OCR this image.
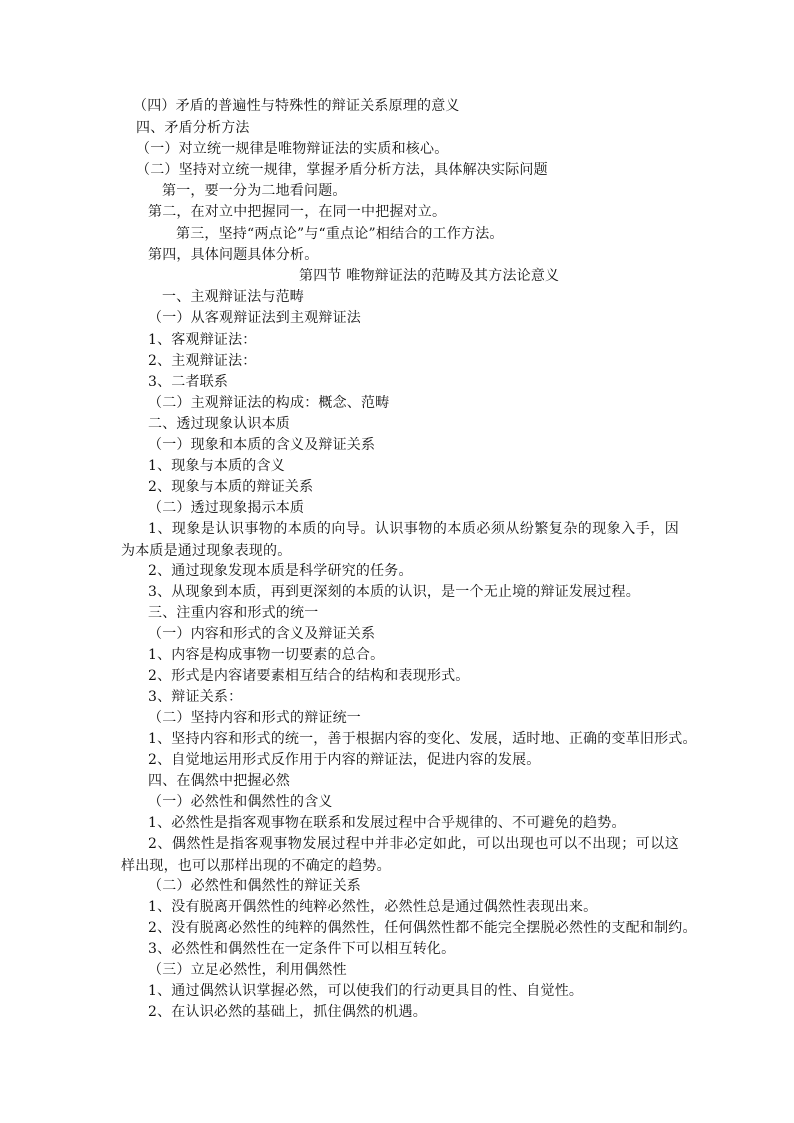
（四）矛盾的普遍性与特殊性的辩证关系原理的意义
四、矛盾分析方法
（一）对立统一规律是唯物辩证法的实质和核心。
（二）坚持对立统一规律，掌握矛盾分析方法，具体解决实际问题
第一，要一分为二地看问题。
第二，在对立中把握同一，在同一中把握对立。
第三，坚持“两点论”与“重点论”相结合的工作方法。
第四，具体问题具体分析。
第四节 唯物辩证法的范畴及其方法论意义
一、主观辩证法与范畴
（一）从客观辩证法到主观辩证法
1、客观辩证法：
2、主观辩证法：
3、二者联系
（二）主观辩证法的构成：概念、范畴
二、透过现象认识本质
（一）现象和本质的含义及辩证关系
1、现象与本质的含义
2、现象与本质的辩证关系
（二）透过现象揭示本质
1、现象是认识事物的本质的向导。认识事物的本质必须从纷繁复杂的现象入手，因为本质是通过现象表现的。
2、通过现象发现本质是科学研究的任务。
3、从现象到本质，再到更深刻的本质的认识，是一个无止境的辩证发展过程。
三、注重内容和形式的统一
（一）内容和形式的含义及辩证关系
1、内容是构成事物一切要素的总合。
2、形式是内容诸要素相互结合的结构和表现形式。
3、辩证关系：
（二）坚持内容和形式的辩证统一
1、坚持内容和形式的统一，善于根据内容的变化、发展，适时地、正确的变革旧形式。
2、自觉地运用形式反作用于内容的辩证法，促进内容的发展。
四、在偶然中把握必然
（一）必然性和偶然性的含义
1、必然性是指客观事物在联系和发展过程中合乎规律的、不可避免的趋势。
2、偶然性是指客观事物发展过程中并非必定如此，可以出现也可以不出现；可以这样出现，也可以那样出现的不确定的趋势。
（二）必然性和偶然性的辩证关系
1、没有脱离开偶然性的纯粹必然性，必然性总是通过偶然性表现出来。
2、没有脱离必然性的纯粹的偶然性，任何偶然性都不能完全摆脱必然性的支配和制约。
3、必然性和偶然性在一定条件下可以相互转化。
（三）立足必然性，利用偶然性
1、通过偶然认识掌握必然，可以使我们的行动更具目的性、自觉性。
2、在认识必然的基础上，抓住偶然的机遇。
